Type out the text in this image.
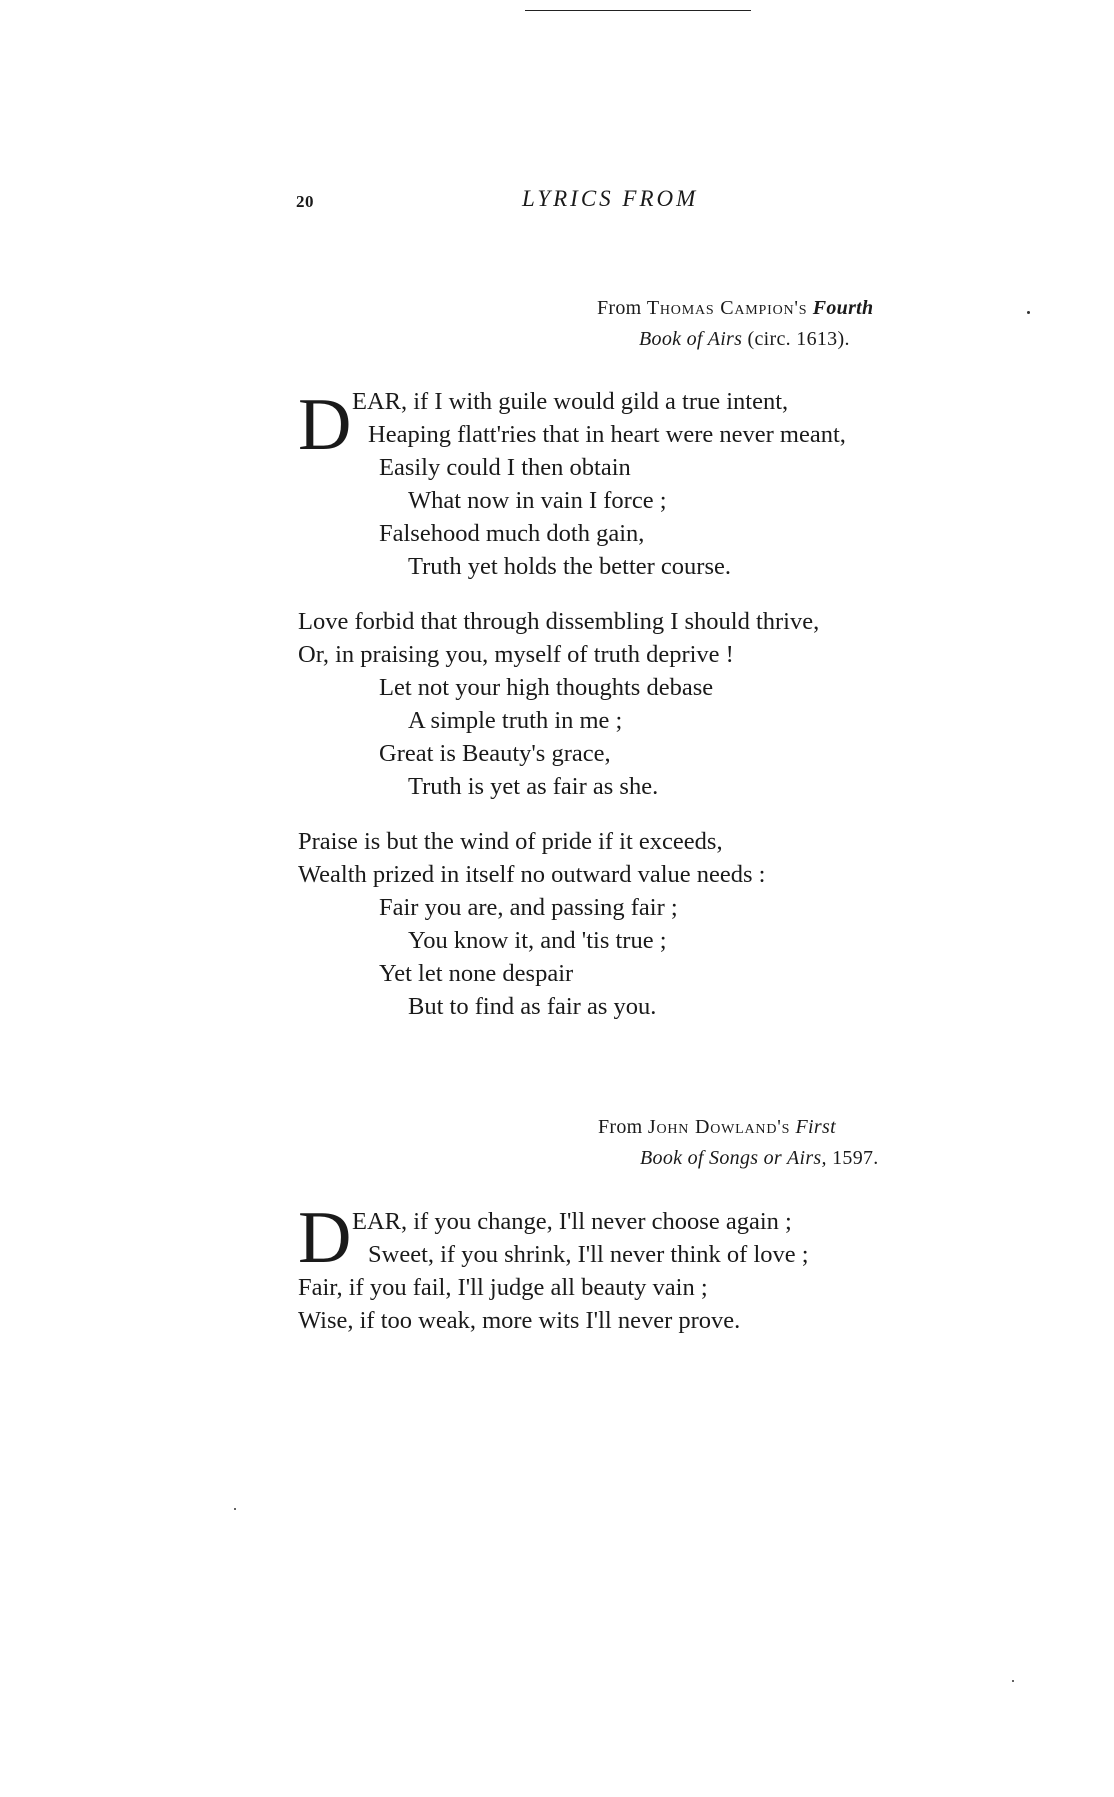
20	LYRICS FROM
From Thomas Campion's Fourth
Book of Airs (circ. 1613).
D EAR, if I with guile would gild a true intent,
Heaping flatt'ries that in heart were never meant,
Easily could I then obtain
What now in vain I force ;
Falsehood much doth gain,
Truth yet holds the better course.
Love forbid that through dissembling I should thrive,
Or, in praising you, myself of truth deprive !
Let not your high thoughts debase
A simple truth in me ;
Great is Beauty's grace,
Truth is yet as fair as she.
Praise is but the wind of pride if it exceeds,
Wealth prized in itself no outward value needs :
Fair you are, and passing fair ;
You know it, and 'tis true ;
Yet let none despair
But to find as fair as you.
From John Dowland's First
Book of Songs or Airs, 1597.
D EAR, if you change, I'll never choose again ;
Sweet, if you shrink, I'll never think of love ;
Fair, if you fail, I'll judge all beauty vain ;
Wise, if too weak, more wits I'll never prove.
